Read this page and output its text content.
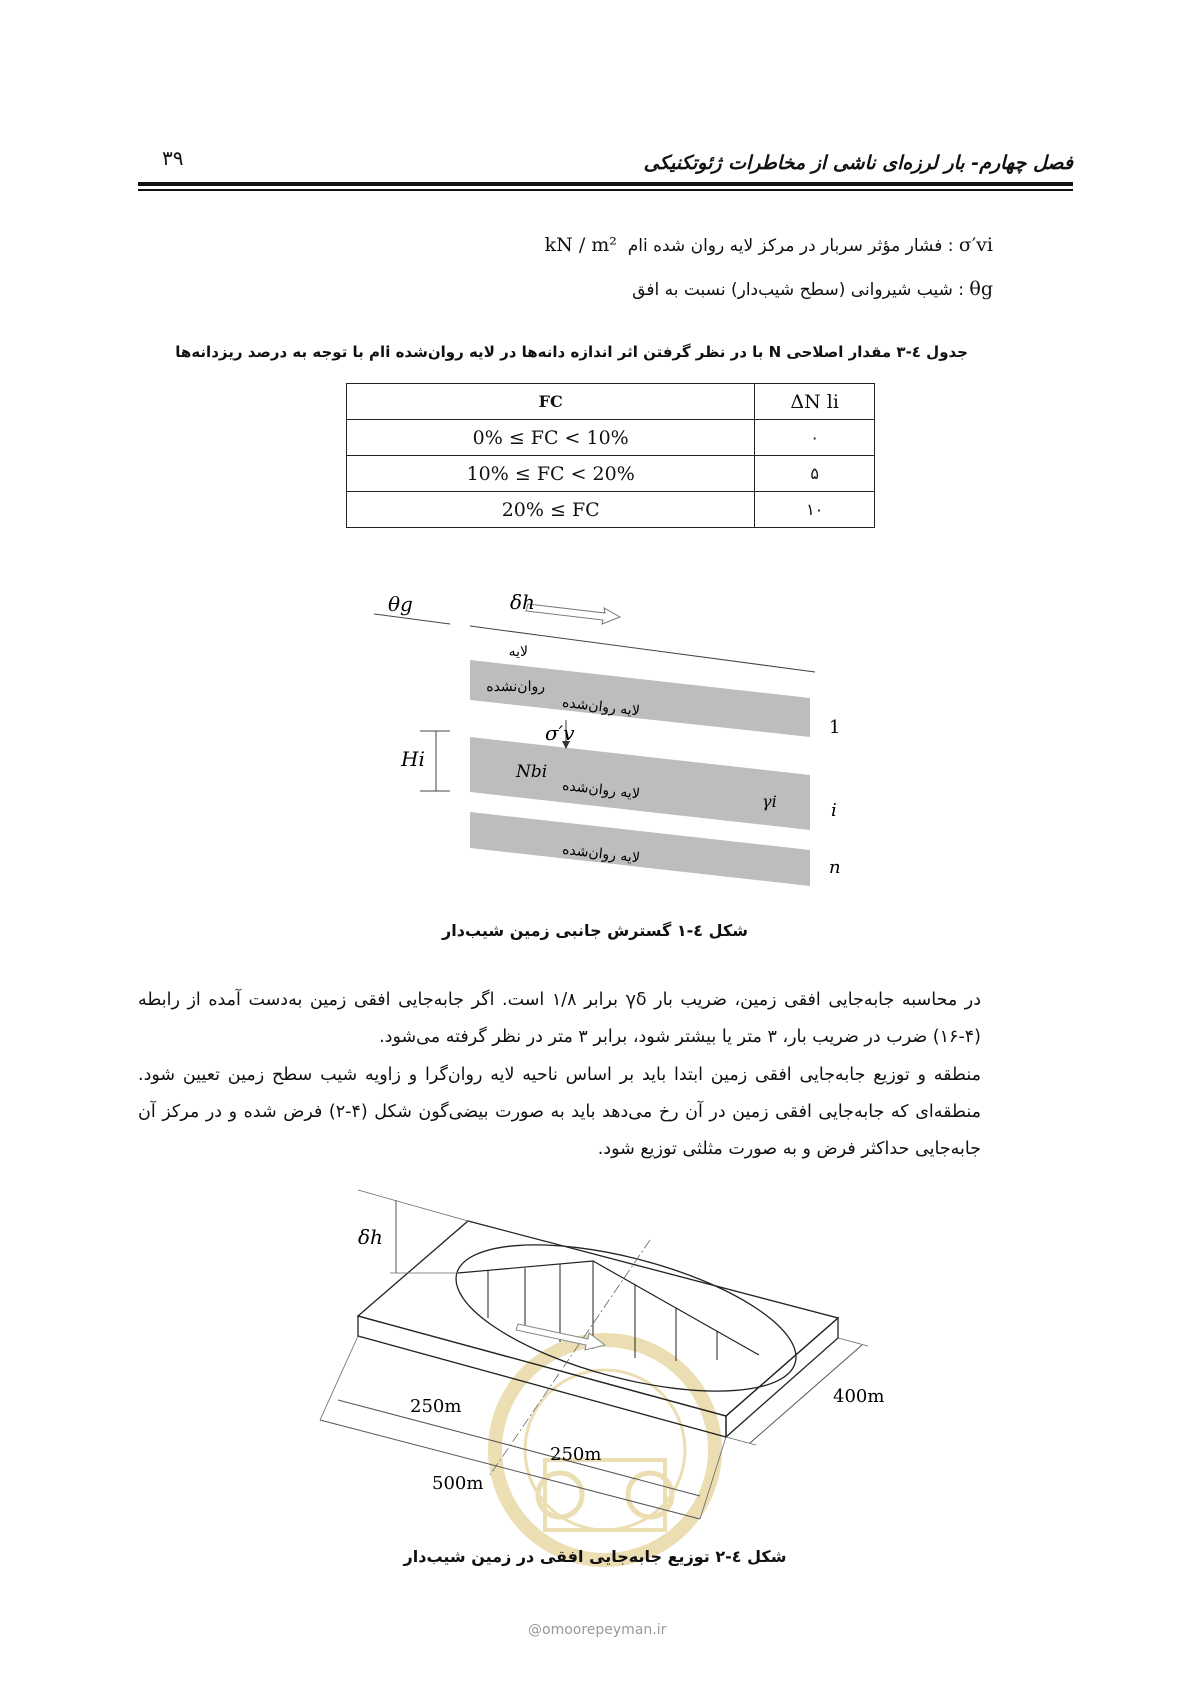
۳۹	فصل چهارم- بار لرزه‌ای ناشی از مخاطرات ژئوتکنیکی
σ′vi : فشار مؤثر سربار در مرکز لایه روان شده iام  kN / m²
θg : شیب شیروانی (سطح شیب‌دار) نسبت به افق
جدول ٤-۳ مقدار اصلاحی N با در نظر گرفتن اثر اندازه دانه‌ها در لایه روان‌شده iام با توجه به درصد ریزدانه‌ها
FC	ΔN li
0% ≤ FC < 10%	۰
10% ≤ FC < 20%	۵
20% ≤ FC	۱۰
θg	δh
لایه
روان‌نشده
لایه روان‌شده
σ′v
Hi
Nbi
لایه روان‌شده	γi
لایه روان‌شده
1
i
n
شکل ٤-۱ گسترش جانبی زمین شیب‌دار
در محاسبه جابه‌جایی افقی زمین، ضریب بار γδ برابر ۱/۸ است. اگر جابه‌جایی افقی زمین به‌دست آمده از رابطه (۴-۱۶) ضرب در ضریب بار، ۳ متر یا بیشتر شود، برابر ۳ متر در نظر گرفته می‌شود.
منطقه و توزیع جابه‌جایی افقی زمین ابتدا باید بر اساس ناحیه لایه روان‌گرا و زاویه شیب سطح زمین تعیین شود. منطقه‌ای که جابه‌جایی افقی زمین در آن رخ می‌دهد باید به صورت بیضی‌گون شکل (۴-۲) فرض شده و در مرکز آن جابه‌جایی حداکثر فرض و به صورت مثلثی توزیع شود.
δh
250m
250m
500m
400m
شکل ٤-۲ توزیع جابه‌جایی افقی در زمین شیب‌دار
@omoorepeyman.ir
